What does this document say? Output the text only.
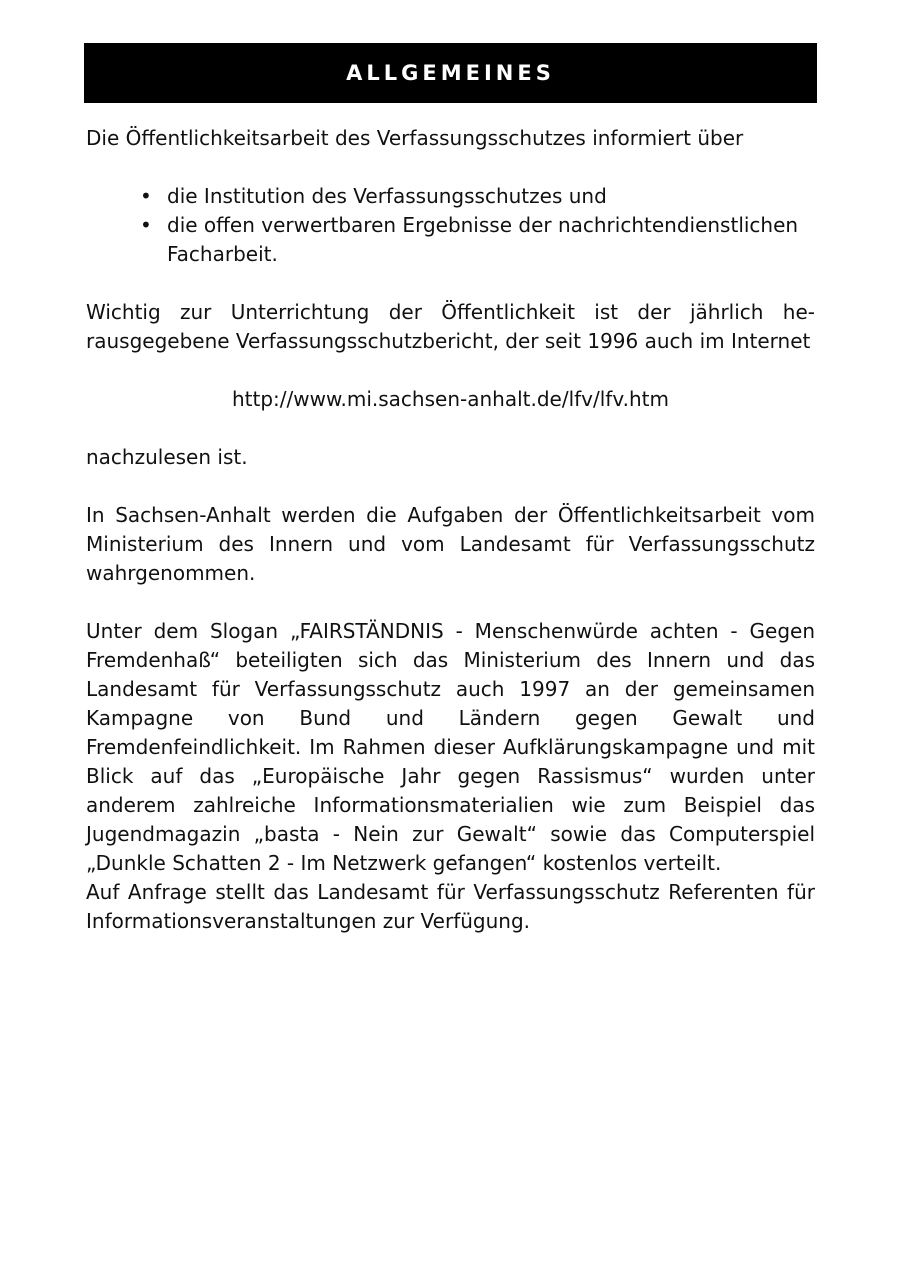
ALLGEMEINES

Die Öffentlichkeitsarbeit des Verfassungsschutzes informiert über

• die Institution des Verfassungsschutzes und
• die offen verwertbaren Ergebnisse der nachrichtendienstlichen Facharbeit.

Wichtig zur Unterrichtung der Öffentlichkeit ist der jährlich herausgegebene Verfassungsschutzbericht, der seit 1996 auch im Internet

http://www.mi.sachsen-anhalt.de/lfv/lfv.htm

nachzulesen ist.

In Sachsen-Anhalt werden die Aufgaben der Öffentlichkeitsarbeit vom Ministerium des Innern und vom Landesamt für Verfassungsschutz wahrgenommen.

Unter dem Slogan „FAIRSTÄNDNIS - Menschenwürde achten - Gegen Fremdenhaß“ beteiligten sich das Ministerium des Innern und das Landesamt für Verfassungsschutz auch 1997 an der gemeinsamen Kampagne von Bund und Ländern gegen Gewalt und Fremdenfeindlichkeit. Im Rahmen dieser Aufklärungskampagne und mit Blick auf das „Europäische Jahr gegen Rassismus“ wurden unter anderem zahlreiche Informationsmaterialien wie zum Beispiel das Jugendmagazin „basta - Nein zur Gewalt“ sowie das Computerspiel „Dunkle Schatten 2 - Im Netzwerk gefangen“ kostenlos verteilt.

Auf Anfrage stellt das Landesamt für Verfassungsschutz Referenten für Informationsveranstaltungen zur Verfügung.
